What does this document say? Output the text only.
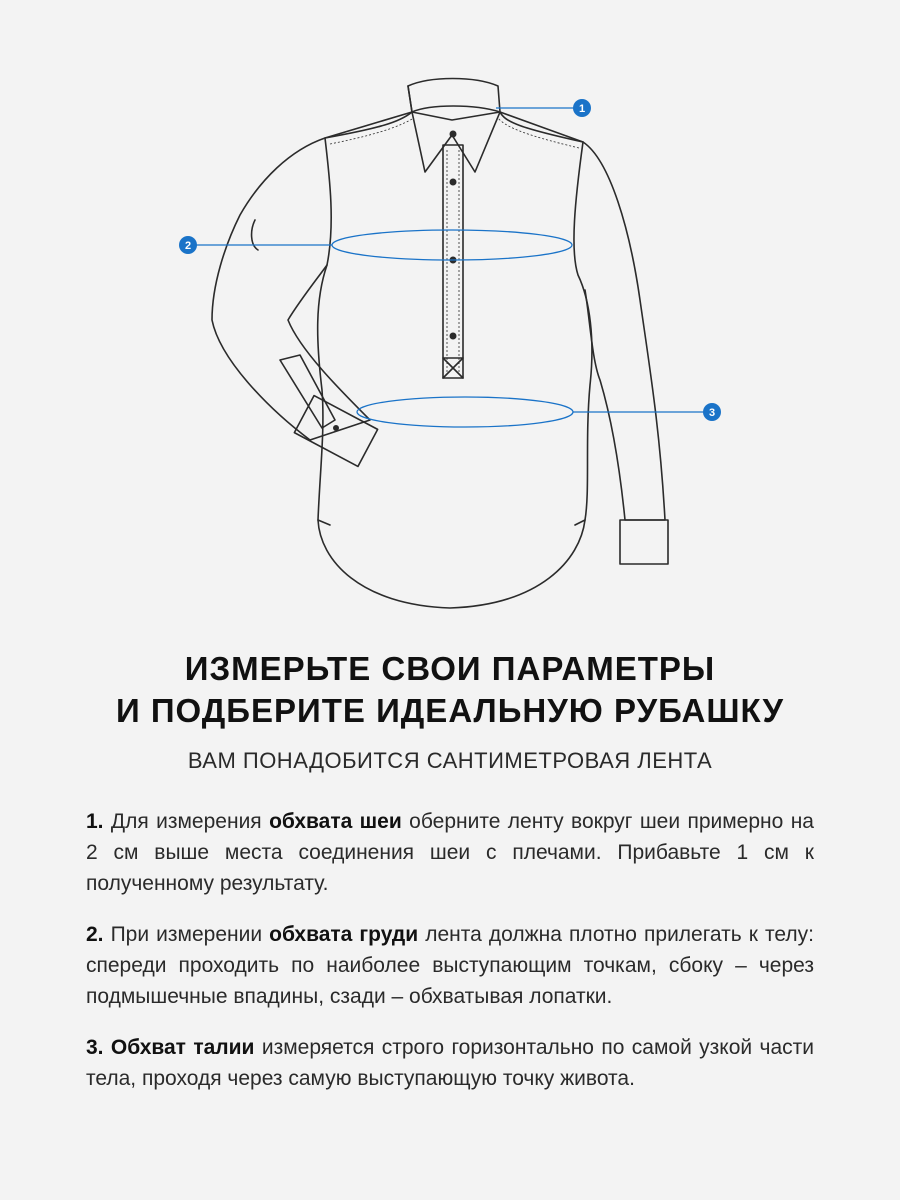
1
2
3
ИЗМЕРЬТЕ СВОИ ПАРАМЕТРЫ
И ПОДБЕРИТЕ ИДЕАЛЬНУЮ РУБАШКУ
ВАМ ПОНАДОБИТСЯ САНТИМЕТРОВАЯ ЛЕНТА

1. Для измерения обхвата шеи оберните ленту вокруг шеи примерно на 2 см выше места соединения шеи с плечами. Прибавьте 1 см к полученному результату.

2. При измерении обхвата груди лента должна плотно прилегать к телу: спереди проходить по наиболее выступающим точкам, сбоку – через подмышечные впадины, сзади – обхватывая лопатки.

3. Обхват талии измеряется строго горизонтально по самой узкой части тела, проходя через самую выступающую точку живота.
